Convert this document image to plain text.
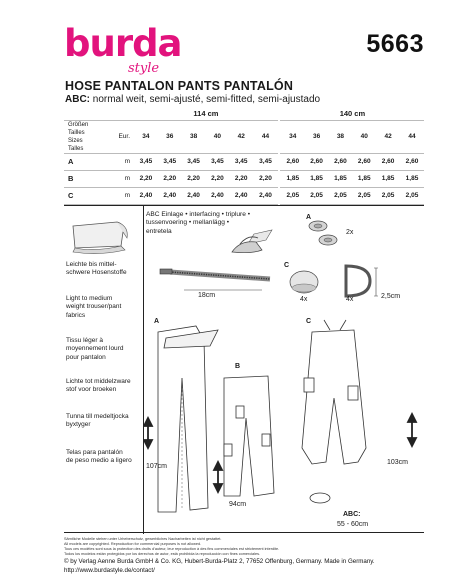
burda
style
5663
HOSE PANTALON PANTS PANTALÓN
ABC: normal weit, semi-ajusté, semi-fitted, semi-ajustado
		114 cm							140 cm					
GrößenTailles
SizesTalles	Eur.	34	36	38	40	42	44		34	36	38	40	42	44
A	m	3,45	3,45	3,45	3,45	3,45	3,45		2,60	2,60	2,60	2,60	2,60	2,60
B	m	2,20	2,20	2,20	2,20	2,20	2,20		1,85	1,85	1,85	1,85	1,85	1,85
C	m	2,40	2,40	2,40	2,40	2,40	2,40		2,05	2,05	2,05	2,05	2,05	2,05
Leichte bis mittel-
schwere Hosenstoffe
Light to medium
weight trouser/pant
fabrics
Tissu léger à
moyennement lourd
pour pantalon
Lichte tot middelzware
stof voor broeken
Tunna till medeltjocka
byxtyger
Telas para pantalón
de peso medio a ligero
ABC Einlage • interfacing • triplure •
tussenvoering • mellanlägg •
entretela
18cm
A
2x
C
4x	4x	2,5cm
A
B
C
107cm
94cm
103cm
ABC:
55 - 60cm
Sämtliche Modelle stehen unter Urheberschutz, gewerbliches Nacharbeiten ist nicht gestattet.
All models are copyrighted. Reproduction for commercial purposes is not allowed.
Tous ces modèles sont sous la protection des droits d'auteur, leur reproduction à des fins commerciales est strictement interdite.
Todos los modelos están protegidos por los derechos de autor, está prohibida la reproducción con fines comerciales.
© by Verlag Aenne Burda GmbH & Co. KG, Hubert-Burda-Platz 2, 77652 Offenburg, Germany. Made in Germany.
http://www.burdastyle.de/contact/
